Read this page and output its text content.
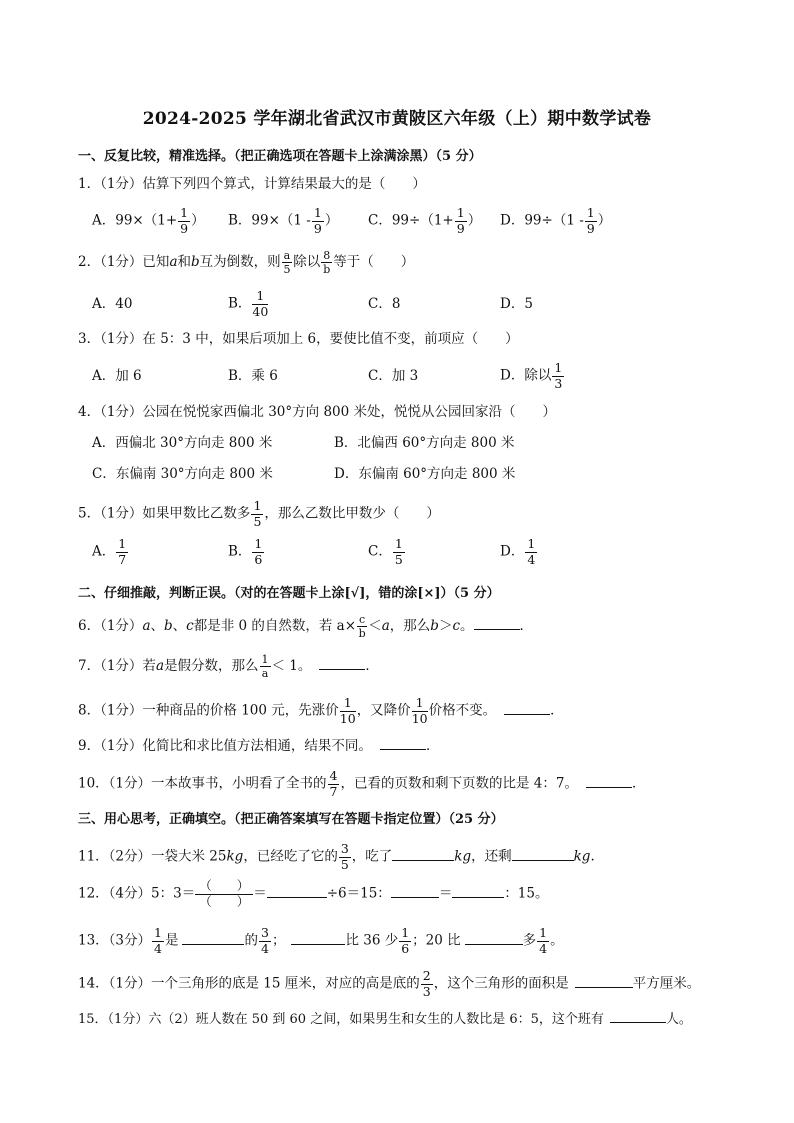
2024-2025 学年湖北省武汉市黄陂区六年级（上）期中数学试卷
一、反复比较，精准选择。（把正确选项在答题卡上涂满涂黑）（5 分）
1．（1分）估算下列四个算式，计算结果最大的是（　　）
A．$99\times(1+ \frac{1}{9}$ ） B．$99\times(1 - \frac{1}{9}$ ） C．$99\div(1+ \frac{1}{9}$ ） D．$99\div(1 - \frac{1}{9}$ ）
2．（1分）已知a和b互为倒数，则 $\frac{a}{5}$ 除以 $\frac{8}{b}$ 等于（　　）
A．40	B． $\frac{1}{40}$	C．8	D．5
3．（1分）在 5：3 中，如果后项加上 6，要使比值不变，前项应（　　）
A．加 6	B．乘 6	C．加 3	D．除以 $\frac{1}{3}$
4．（1分）公园在悦悦家西偏北 30°方向 800 米处，悦悦从公园回家沿（　　）
A．西偏北 30°方向走 800 米	B．北偏西 60°方向走 800 米
C．东偏南 30°方向走 800 米	D．东偏南 60°方向走 800 米
5．（1分）如果甲数比乙数多 $\frac{1}{5}$ ，那么乙数比甲数少（　　）
A． $\frac{1}{7}$	B． $\frac{1}{6}$	C． $\frac{1}{5}$	D． $\frac{1}{4}$
二、仔细推敲，判断正误。（对的在答题卡上涂[√]，错的涂[×]）（5 分）
6．（1分）a、b、c都是非 0 的自然数，若 $a\times \frac{c}{b} <a$，那么b＞c。	．
7．（1分）若a是假分数，那么 $\frac{1}{a} < 1$。	．
8．（1分）一种商品的价格 100 元，先涨价 $\frac{1}{10}$ ，又降价 $\frac{1}{10}$ 价格不变。	．
9．（1分）化简比和求比值方法相通，结果不同。	．
10．（1分）一本故事书，小明看了全书的 $\frac{4}{7}$ ，已看的页数和剩下页数的比是 4：7。	．
三、用心思考，正确填空。（把正确答案填写在答题卡指定位置）（25 分）
11．（2分）一袋大米 25kg，已经吃了它的 $\frac{3}{5}$ ，吃了	kg，还剩	kg.
12．（4分）5：$3= \frac{( )}{( )}$ ＝	÷6＝15：	＝	：15。
13．（3分） $\frac{1}{4}$ 是	的 $\frac{3}{4}$ ；	比 36 少 $\frac{1}{6}$ ；20 比	多 $\frac{1}{4}$ 。
14．（1分）一个三角形的底是 15 厘米，对应的高是底的 $\frac{2}{3}$ ，这个三角形的面积是	平方厘米。
15．（1分）六（2）班人数在 50 到 60 之间，如果男生和女生的人数比是 6：5，这个班有	人。
